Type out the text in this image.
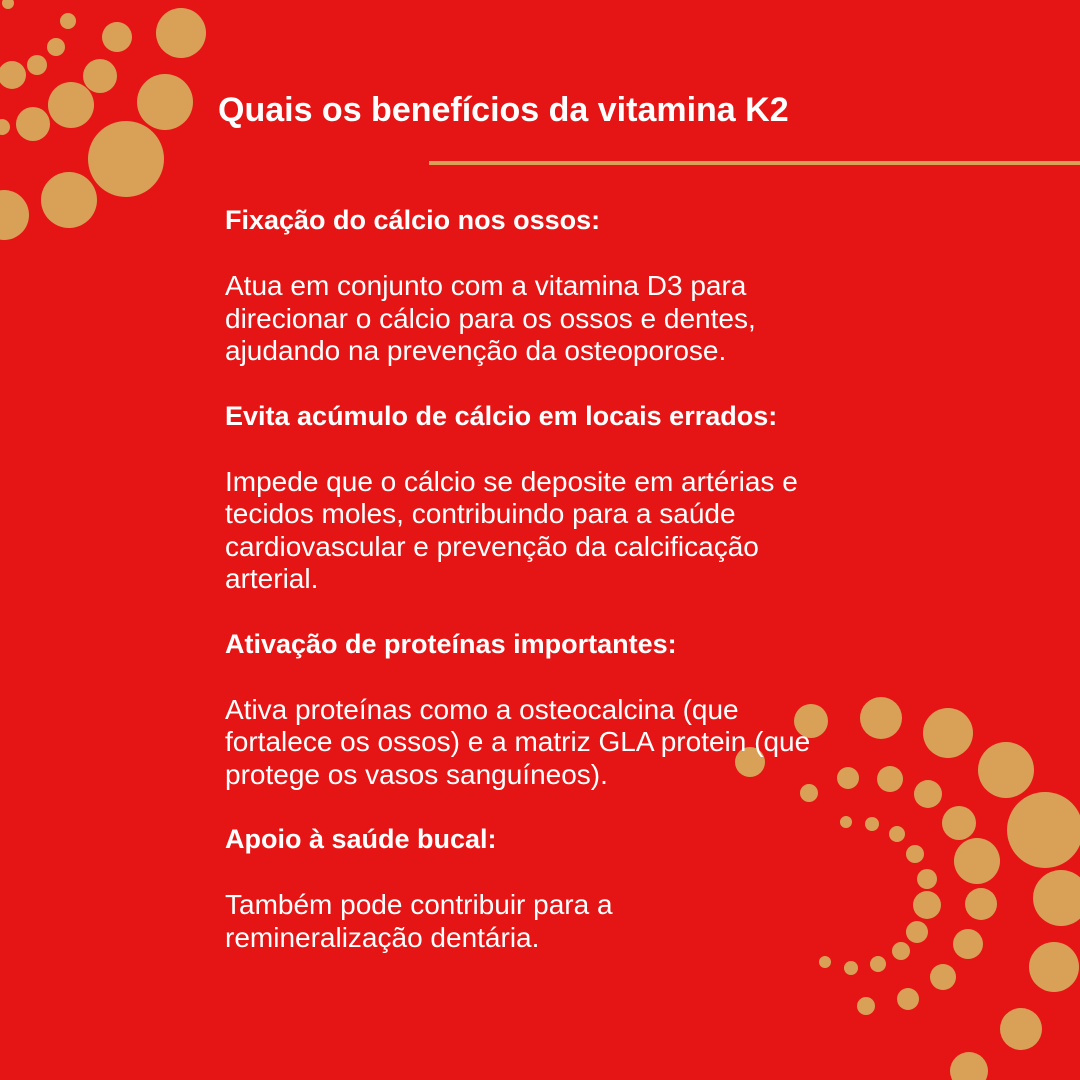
Quais os benefícios da vitamina K2

Fixação do cálcio nos ossos:

Atua em conjunto com a vitamina D3 para
direcionar o cálcio para os ossos e dentes,
ajudando na prevenção da osteoporose.

Evita acúmulo de cálcio em locais errados:

Impede que o cálcio se deposite em artérias e
tecidos moles, contribuindo para a saúde
cardiovascular e prevenção da calcificação
arterial.

Ativação de proteínas importantes:

Ativa proteínas como a osteocalcina (que
fortalece os ossos) e a matriz GLA protein (que
protege os vasos sanguíneos).

Apoio à saúde bucal:

Também pode contribuir para a
remineralização dentária.
